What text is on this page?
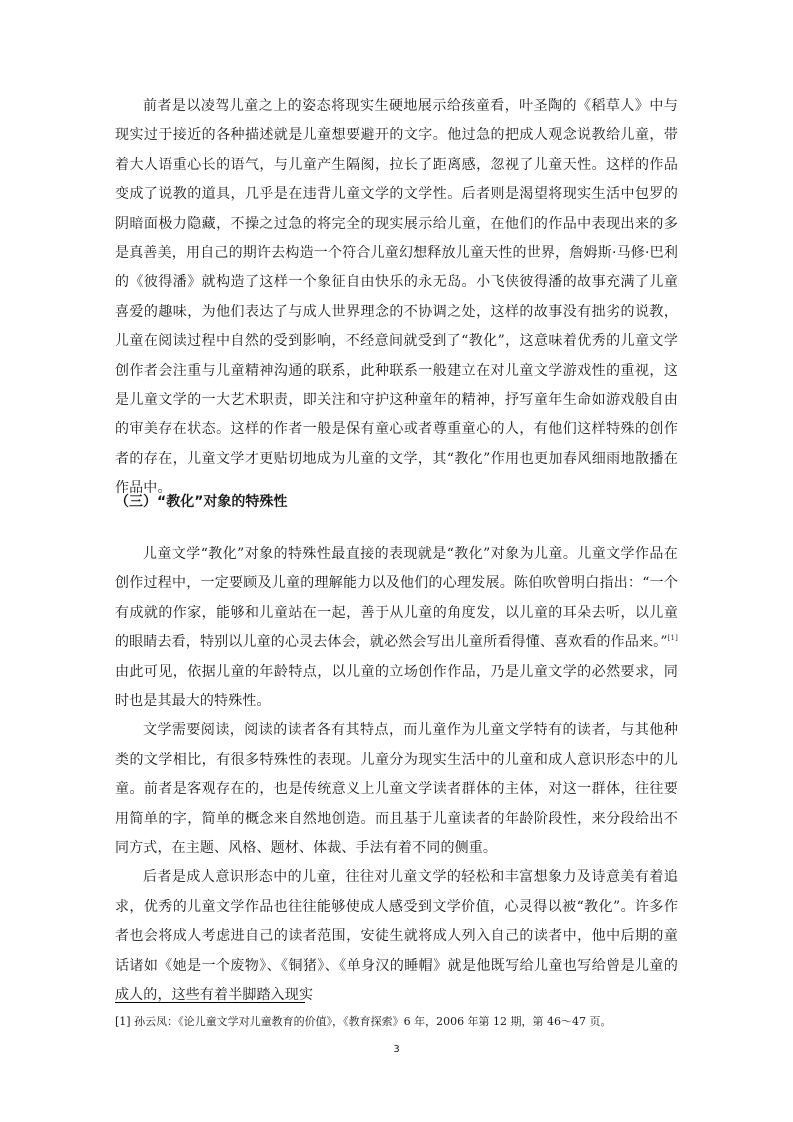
前者是以凌驾儿童之上的姿态将现实生硬地展示给孩童看，叶圣陶的《稻草人》中与现实过于接近的各种描述就是儿童想要避开的文字。他过急的把成人观念说教给儿童，带着大人语重心长的语气，与儿童产生隔阂，拉长了距离感，忽视了儿童天性。这样的作品变成了说教的道具，几乎是在违背儿童文学的文学性。后者则是渴望将现实生活中包罗的阴暗面极力隐藏，不操之过急的将完全的现实展示给儿童，在他们的作品中表现出来的多是真善美，用自己的期许去构造一个符合儿童幻想释放儿童天性的世界，詹姆斯·马修·巴利的《彼得潘》就构造了这样一个象征自由快乐的永无岛。小飞侠彼得潘的故事充满了儿童喜爱的趣味，为他们表达了与成人世界理念的不协调之处，这样的故事没有拙劣的说教，儿童在阅读过程中自然的受到影响，不经意间就受到了“教化”，这意味着优秀的儿童文学创作者会注重与儿童精神沟通的联系，此种联系一般建立在对儿童文学游戏性的重视，这是儿童文学的一大艺术职责，即关注和守护这种童年的精神，抒写童年生命如游戏般自由的审美存在状态。这样的作者一般是保有童心或者尊重童心的人，有他们这样特殊的创作者的存在，儿童文学才更贴切地成为儿童的文学，其“教化”作用也更加春风细雨地散播在作品中。

（三）“教化”对象的特殊性

儿童文学“教化”对象的特殊性最直接的表现就是“教化”对象为儿童。儿童文学作品在创作过程中，一定要顾及儿童的理解能力以及他们的心理发展。陈伯吹曾明白指出：“一个有成就的作家，能够和儿童站在一起，善于从儿童的角度发，以儿童的耳朵去听，以儿童的眼睛去看，特别以儿童的心灵去体会，就必然会写出儿童所看得懂、喜欢看的作品来。”[1]由此可见，依据儿童的年龄特点，以儿童的立场创作作品，乃是儿童文学的必然要求，同时也是其最大的特殊性。

文学需要阅读，阅读的读者各有其特点，而儿童作为儿童文学特有的读者，与其他种类的文学相比，有很多特殊性的表现。儿童分为现实生活中的儿童和成人意识形态中的儿童。前者是客观存在的，也是传统意义上儿童文学读者群体的主体，对这一群体，往往要用简单的字，简单的概念来自然地创造。而且基于儿童读者的年龄阶段性，来分段给出不同方式，在主题、风格、题材、体裁、手法有着不同的侧重。

后者是成人意识形态中的儿童，往往对儿童文学的轻松和丰富想象力及诗意美有着追求，优秀的儿童文学作品也往往能够使成人感受到文学价值，心灵得以被“教化”。许多作者也会将成人考虑进自己的读者范围，安徒生就将成人列入自己的读者中，他中后期的童话诸如《她是一个废物》、《铜猪》、《单身汉的睡帽》就是他既写给儿童也写给曾是儿童的成人的，这些有着半脚踏入现实

[1] 孙云凤：《论儿童文学对儿童教育的价值》，《教育探索》6 年，2006 年第 12 期，第 46～47 页。

3
